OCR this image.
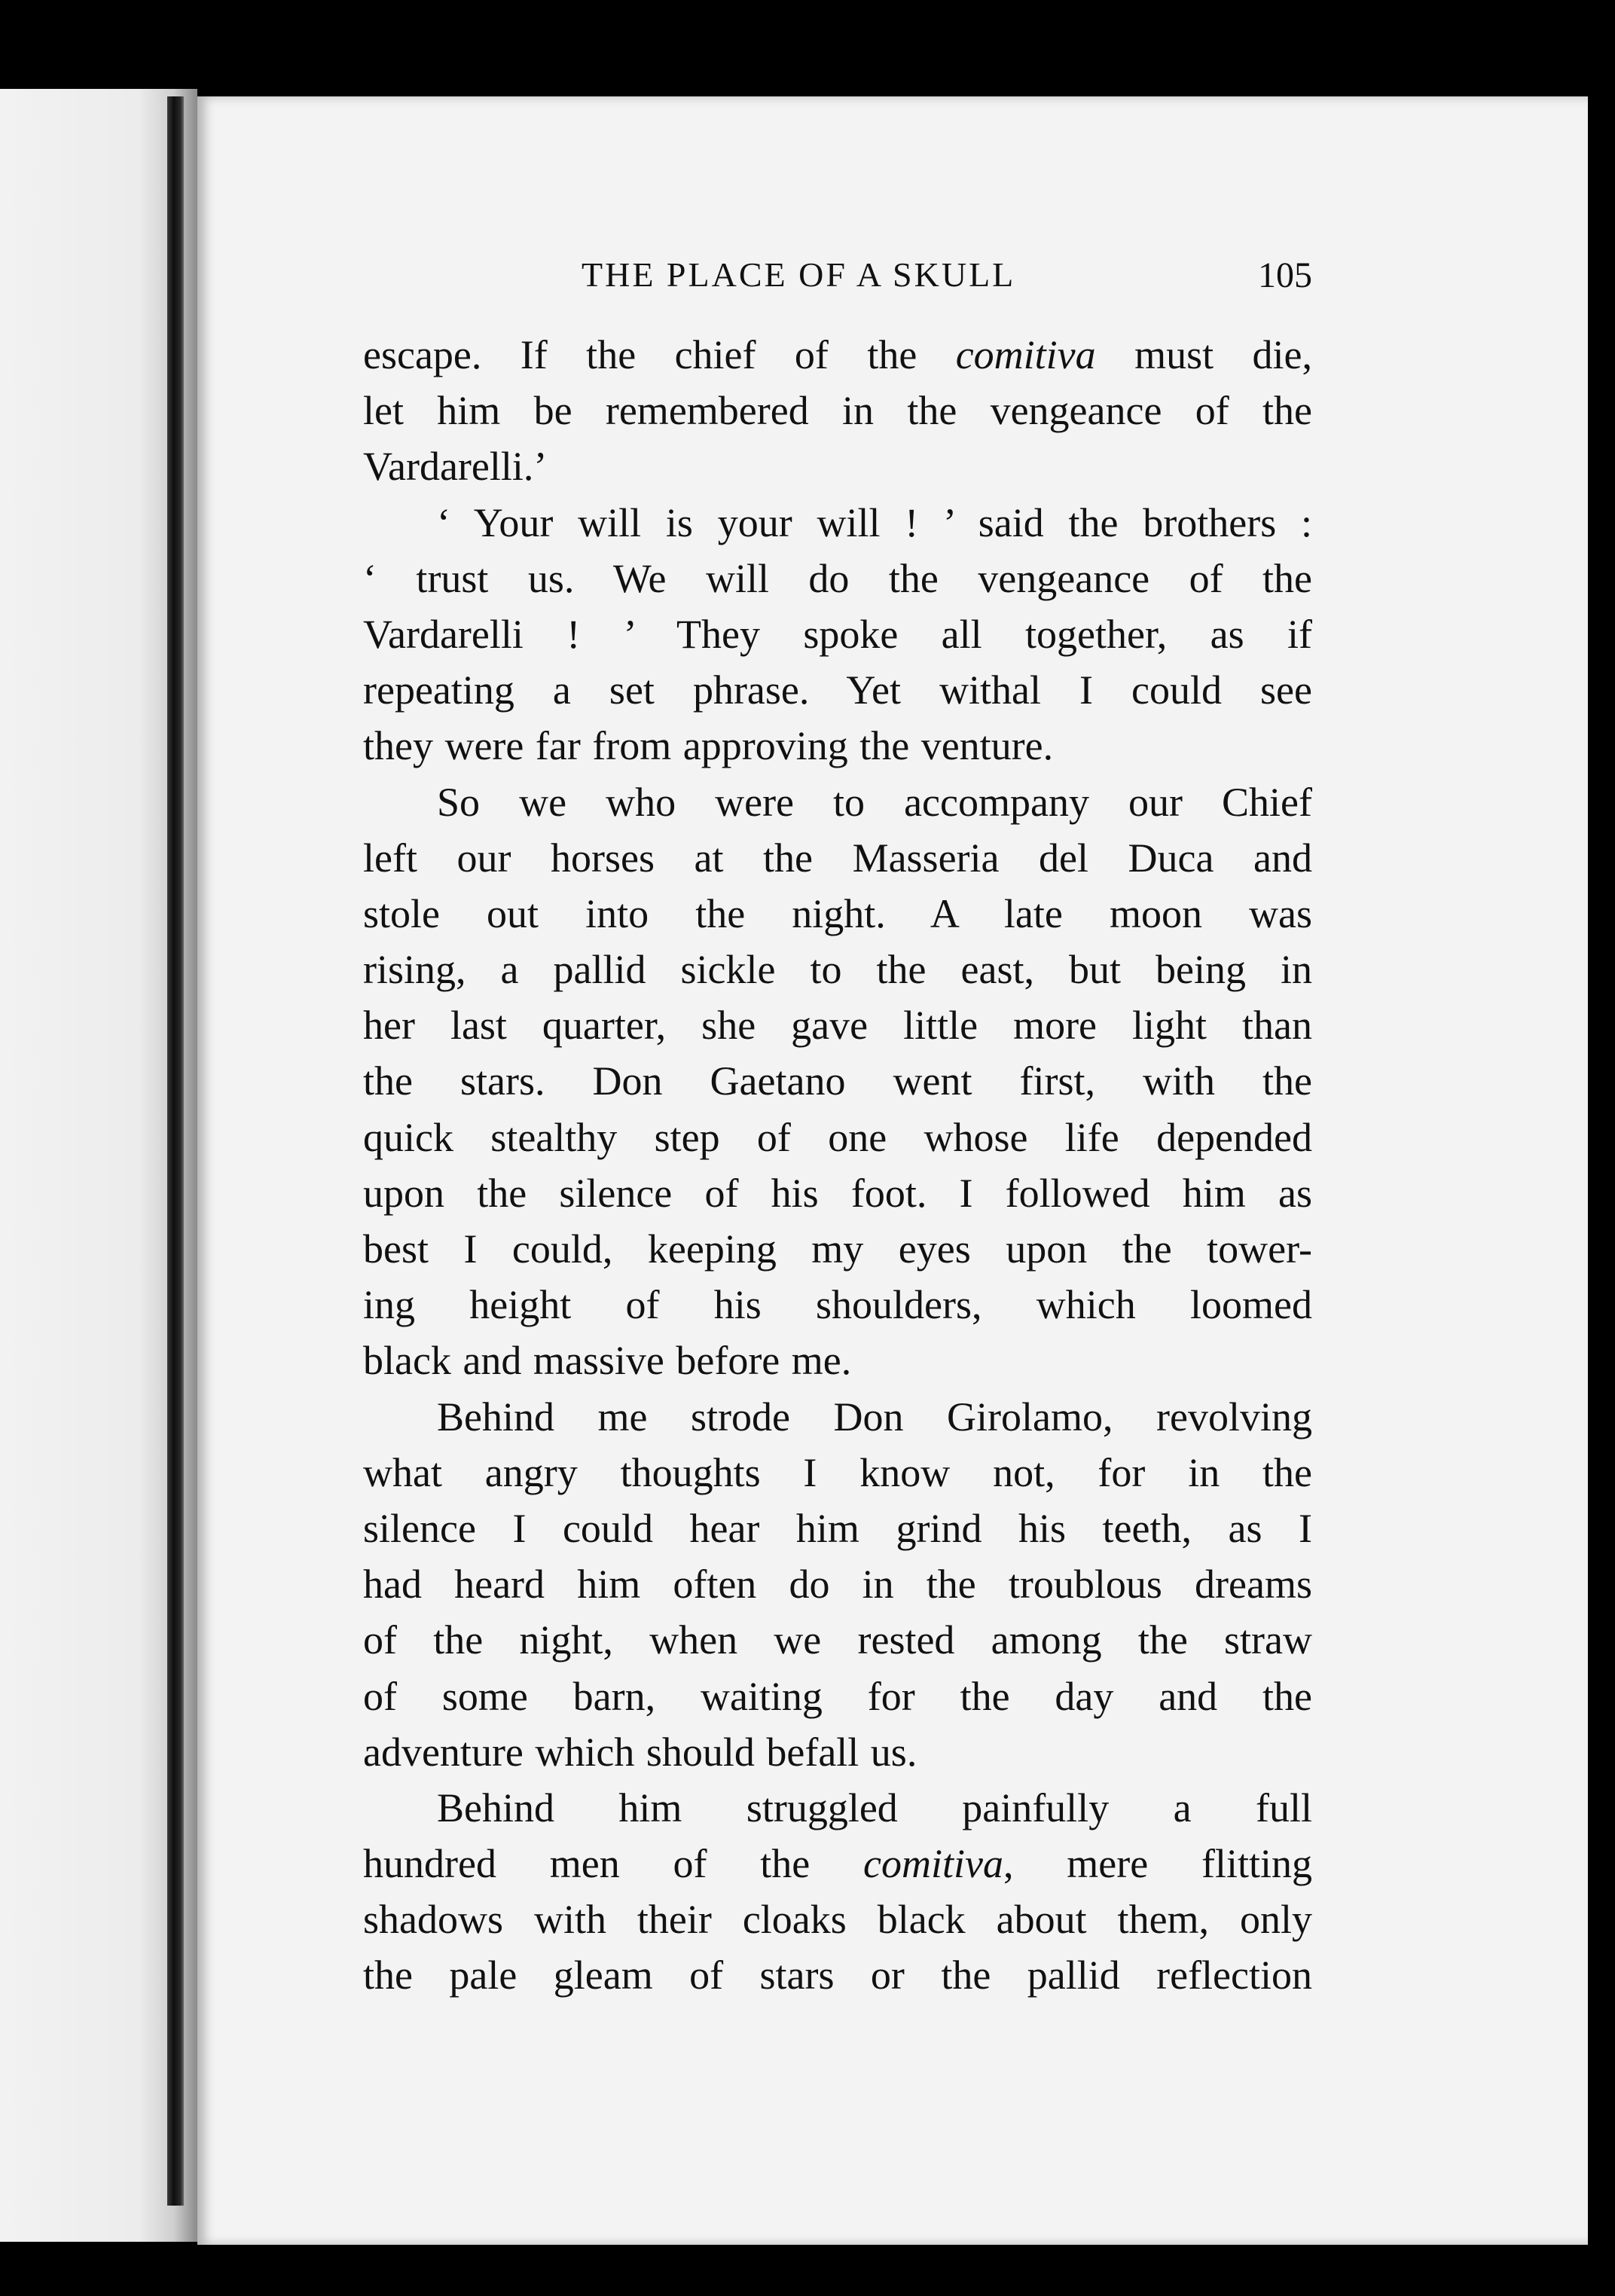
THE PLACE OF A SKULL	105
escape. If the chief of the comitiva must die,
let him be remembered in the vengeance of the
Vardarelli.’
‘ Your will is your will ! ’ said the brothers :
‘ trust us. We will do the vengeance of the
Vardarelli ! ’ They spoke all together, as if
repeating a set phrase. Yet withal I could see
they were far from approving the venture.
So we who were to accompany our Chief
left our horses at the Masseria del Duca and
stole out into the night. A late moon was
rising, a pallid sickle to the east, but being in
her last quarter, she gave little more light than
the stars. Don Gaetano went first, with the
quick stealthy step of one whose life depended
upon the silence of his foot. I followed him as
best I could, keeping my eyes upon the tower-
ing height of his shoulders, which loomed
black and massive before me.
Behind me strode Don Girolamo, revolving
what angry thoughts I know not, for in the
silence I could hear him grind his teeth, as I
had heard him often do in the troublous dreams
of the night, when we rested among the straw
of some barn, waiting for the day and the
adventure which should befall us.
Behind him struggled painfully a full
hundred men of the comitiva, mere flitting
shadows with their cloaks black about them, only
the pale gleam of stars or the pallid reflection
